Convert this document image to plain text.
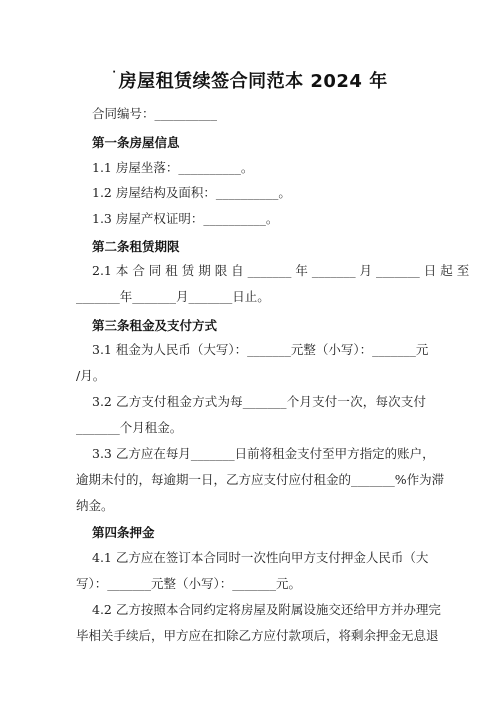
· 房屋租赁续签合同范本 2024 年
合同编号：__________
第一条房屋信息
1.1 房屋坐落：__________。
1.2 房屋结构及面积：__________。
1.3 房屋产权证明：__________。
第二条租赁期限
2.1 本 合 同 租 赁 期 限 自 _______ 年 _______ 月 _______ 日 起 至
_______年_______月_______日止。
第三条租金及支付方式
3.1 租金为人民币（大写）：_______元整（小写）：_______元
/月。
3.2 乙方支付租金方式为每_______个月支付一次，每次支付
_______个月租金。
3.3 乙方应在每月_______日前将租金支付至甲方指定的账户，
逾期未付的，每逾期一日，乙方应支付应付租金的_______%作为滞
纳金。
第四条押金
4.1 乙方应在签订本合同时一次性向甲方支付押金人民币（大
写）：_______元整（小写）：_______元。
4.2 乙方按照本合同约定将房屋及附属设施交还给甲方并办理完
毕相关手续后，甲方应在扣除乙方应付款项后，将剩余押金无息退
